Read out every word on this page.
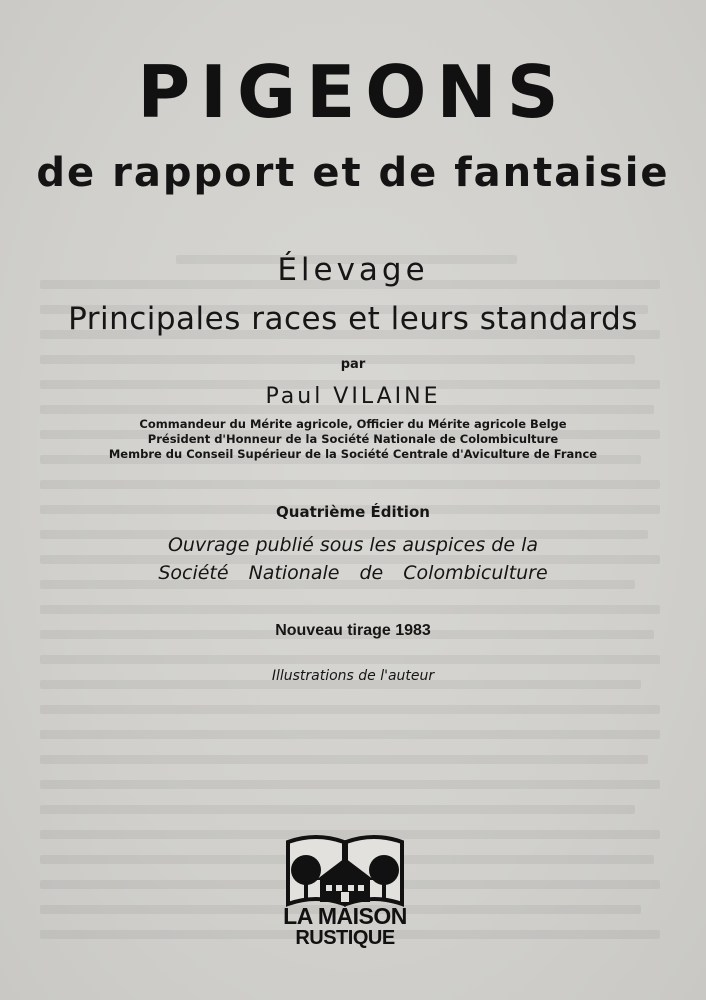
PIGEONS
de rapport et de fantaisie
Élevage
Principales races et leurs standards
par
Paul VILAINE
Commandeur du Mérite agricole, Officier du Mérite agricole Belge
Président d'Honneur de la Société Nationale de Colombiculture
Membre du Conseil Supérieur de la Société Centrale d'Aviculture de France
Quatrième Édition
Ouvrage publié sous les auspices de la
Société Nationale de Colombiculture
Nouveau tirage 1983
Illustrations de l'auteur
LA MAISON
RUSTIQUE
